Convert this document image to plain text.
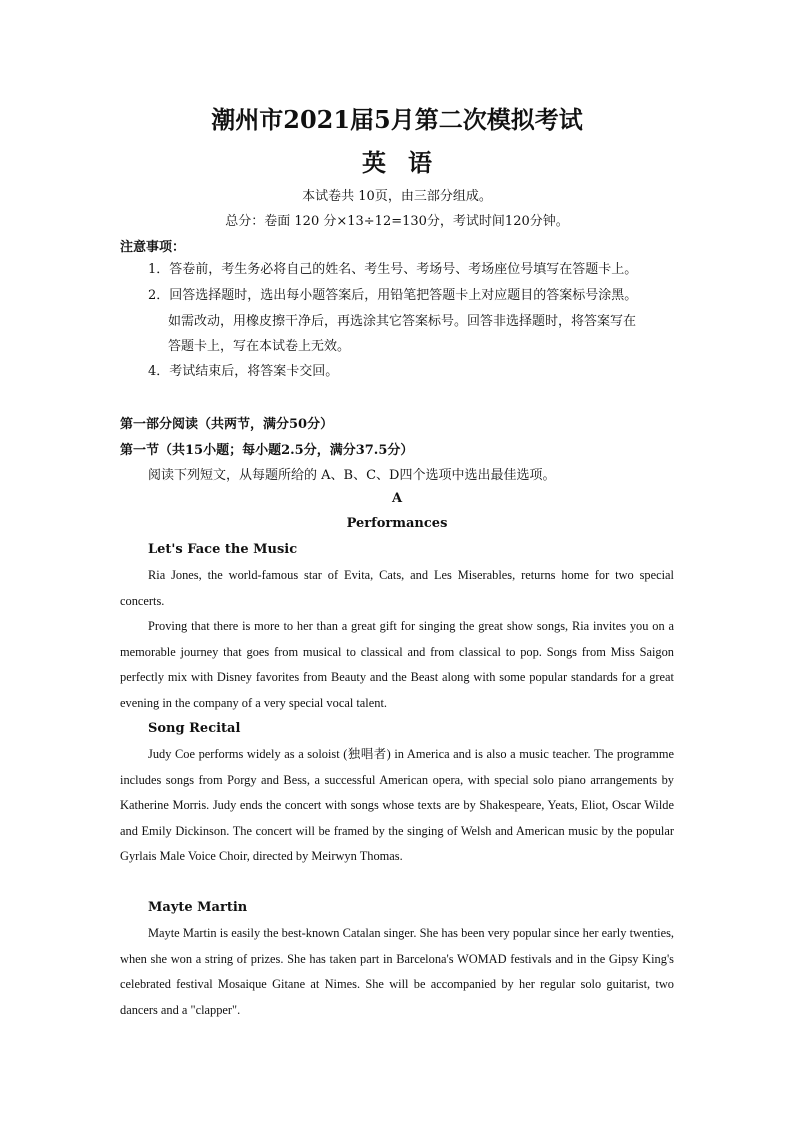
潮州市2021届5月第二次模拟考试
英 语
本试卷共 10页，由三部分组成。
总分：卷面 120 分×13÷12=130分，考试时间120分钟。
注意事项：
1．答卷前，考生务必将自己的姓名、考生号、考场号、考场座位号填写在答题卡上。
2．回答选择题时，选出每小题答案后，用铅笔把答题卡上对应题目的答案标号涂黑。
如需改动，用橡皮擦干净后，再选涂其它答案标号。回答非选择题时，将答案写在
答题卡上，写在本试卷上无效。
4．考试结束后，将答案卡交回。
第一部分阅读（共两节，满分50分）
第一节（共15小题；每小题2.5分，满分37.5分）
阅读下列短文，从每题所给的 A、B、C、D四个选项中选出最佳选项。
A
Performances
Let's Face the Music
Ria Jones, the world-famous star of Evita, Cats, and Les Miserables, returns home for two special concerts.
Proving that there is more to her than a great gift for singing the great show songs, Ria invites you on a memorable journey that goes from musical to classical and from classical to pop. Songs from Miss Saigon perfectly mix with Disney favorites from Beauty and the Beast along with some popular standards for a great evening in the company of a very special vocal talent.
Song Recital
Judy Coe performs widely as a soloist (独唱者) in America and is also a music teacher. The programme includes songs from Porgy and Bess, a successful American opera, with special solo piano arrangements by Katherine Morris. Judy ends the concert with songs whose texts are by Shakespeare, Yeats, Eliot, Oscar Wilde and Emily Dickinson. The concert will be framed by the singing of Welsh and American music by the popular Gyrlais Male Voice Choir, directed by Meirwyn Thomas.
Mayte Martin
Mayte Martin is easily the best-known Catalan singer. She has been very popular since her early twenties, when she won a string of prizes. She has taken part in Barcelona's WOMAD festivals and in the Gipsy King's celebrated festival Mosaique Gitane at Nimes. She will be accompanied by her regular solo guitarist, two dancers and a "clapper".
